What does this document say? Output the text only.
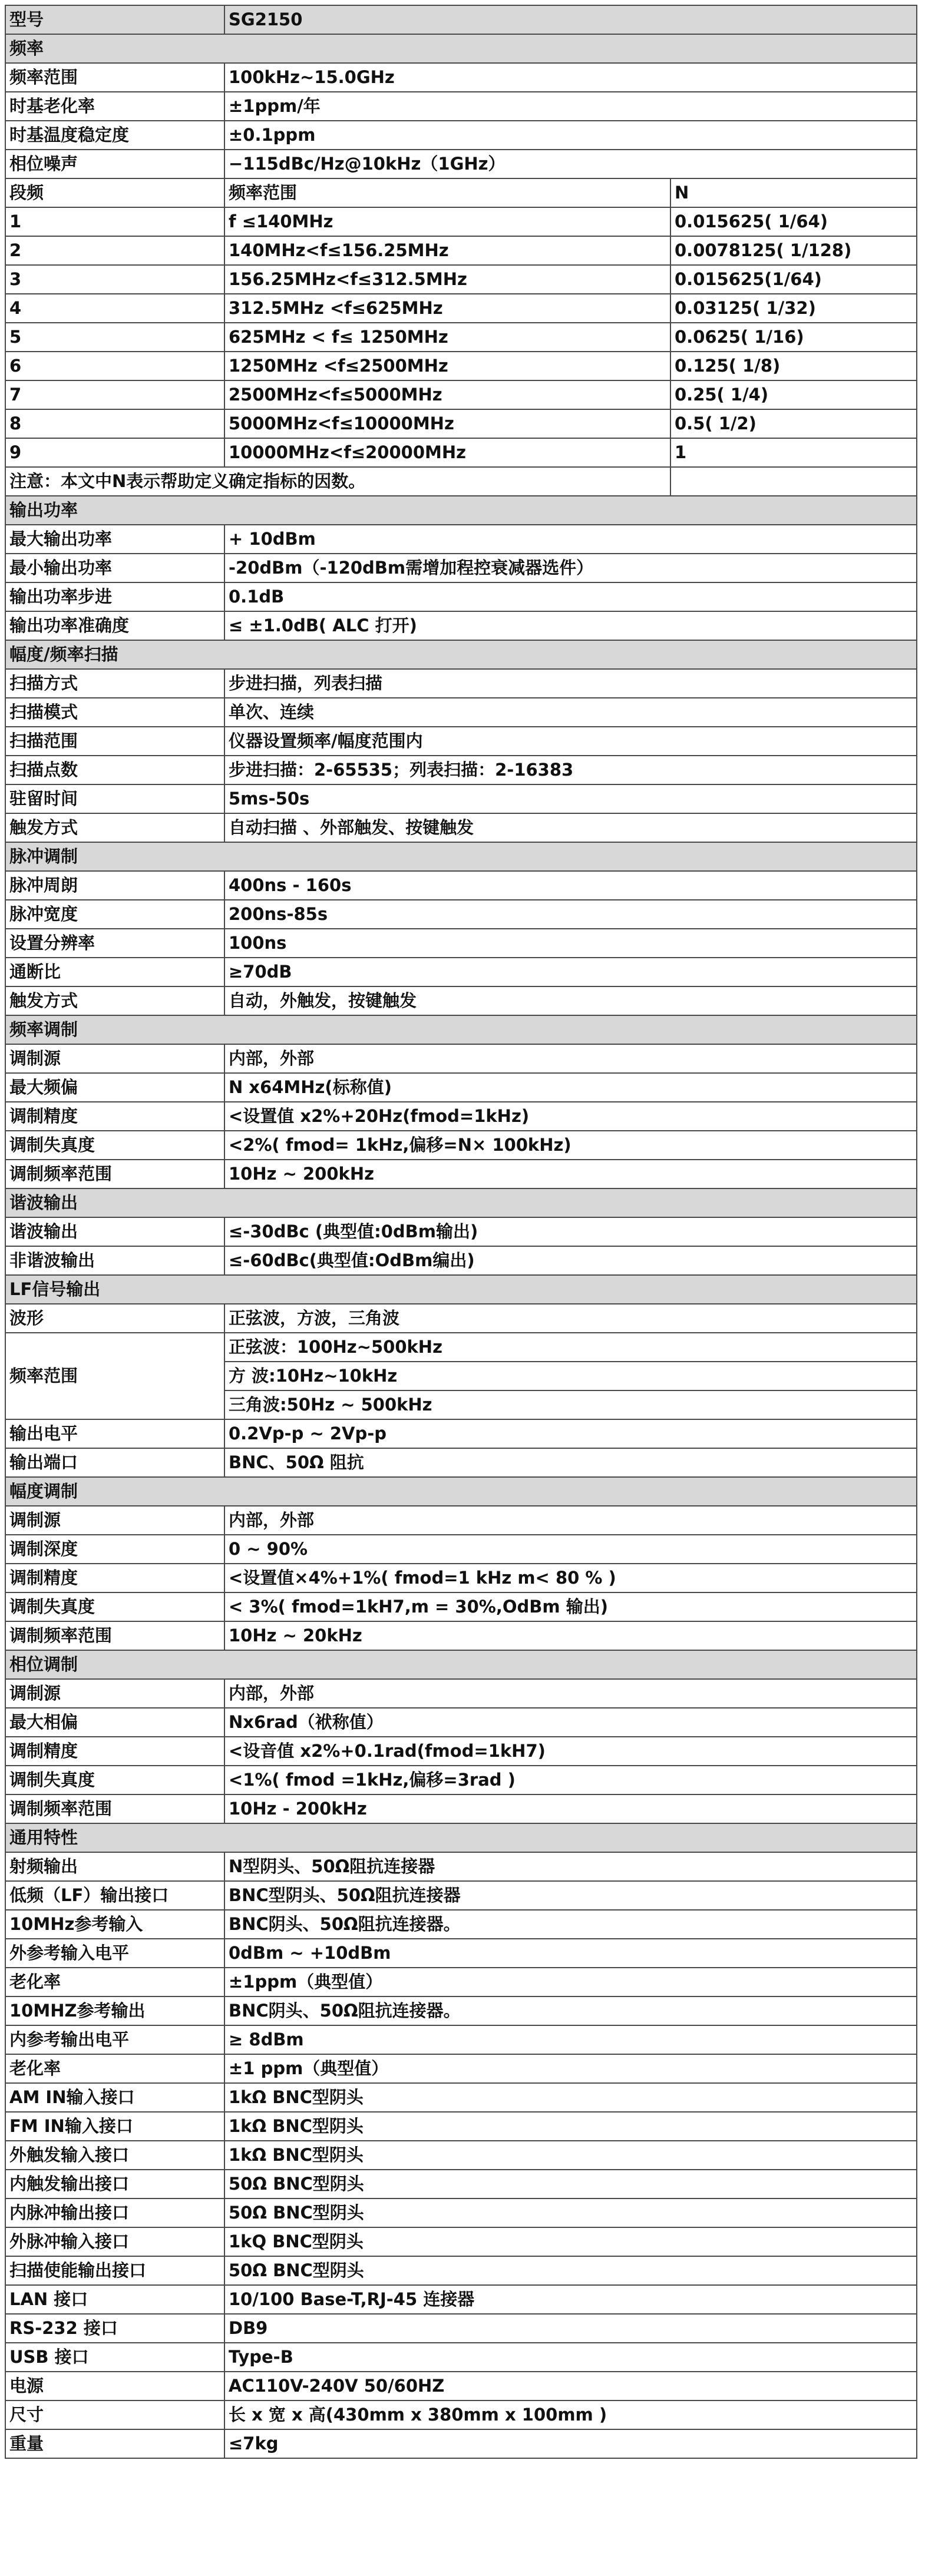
型号	SG2150	
频率		
频率范围	100kHz~15.0GHz	
时基老化率	±1ppm/年	
时基温度稳定度	±0.1ppm	
相位噪声	−115dBc/Hz@10kHz（1GHz）	
段频	频率范围	N
1	f ≤140MHz	0.015625( 1/64)
2	140MHz<f≤156.25MHz	0.0078125( 1/128)
3	156.25MHz<f≤312.5MHz	0.015625(1/64)
4	312.5MHz <f≤625MHz	0.03125( 1/32)
5	625MHz < f≤ 1250MHz	0.0625( 1/16)
6	1250MHz <f≤2500MHz	0.125( 1/8)
7	2500MHz<f≤5000MHz	0.25( 1/4)
8	5000MHz<f≤10000MHz	0.5( 1/2)
9	10000MHz<f≤20000MHz	1
注意：本文中N表示帮助定义确定指标的因数。		
输出功率		
最大输出功率	+ 10dBm	
最小输出功率	-20dBm（-120dBm需增加程控衰减器选件）	
输出功率步进	0.1dB	
输出功率准确度	≤ ±1.0dB( ALC 打开)	
幅度/频率扫描		
扫描方式	步进扫描，列表扫描	
扫描模式	单次、连续	
扫描范围	仪器设置频率/幅度范围内	
扫描点数	步进扫描：2-65535；列表扫描：2-16383	
驻留时间	5ms-50s	
触发方式	自动扫描 、外部触发、按键触发	
脉冲调制		
脉冲周朗	400ns - 160s	
脉冲宽度	200ns-85s	
设置分辨率	100ns	
通断比	≥70dB	
触发方式	自动，外触发，按键触发	
频率调制		
调制源	内部，外部	
最大频偏	N x64MHz(标称值)	
调制精度	<设置值 x2%+20Hz(fmod=1kHz)	
调制失真度	<2%( fmod= 1kHz,偏移=N× 100kHz)	
调制频率范围	10Hz ~ 200kHz	
谐波输出		
谐波输出	≤-30dBc (典型值:0dBm输出)	
非谐波输出	≤-60dBc(典型值:OdBm编出)	
LF信号输出		
波形	正弦波，方波，三角波	
频率范围	正弦波：100Hz~500kHz	
	方 波:10Hz~10kHz	
	三角波:50Hz ~ 500kHz	
输出电平	0.2Vp-p ~ 2Vp-p	
输出端口	BNC、50Ω 阻抗	
幅度调制		
调制源	内部，外部	
调制深度	0 ~ 90%	
调制精度	<设置值×4%+1%( fmod=1 kHz m< 80 % )	
调制失真度	< 3%( fmod=1kH7,m = 30%,OdBm 输出)	
调制频率范围	10Hz ~ 20kHz	
相位调制		
调制源	内部，外部	
最大相偏	Nx6rad（袱称值）	
调制精度	<设音值 x2%+0.1rad(fmod=1kH7)	
调制失真度	<1%( fmod =1kHz,偏移=3rad )	
调制频率范围	10Hz - 200kHz	
通用特性		
射频输出	N型阴头、50Ω阻抗连接器	
低频（LF）输出接口	BNC型阴头、50Ω阻抗连接器	
10MHz参考输入	BNC阴头、50Ω阻抗连接器。	
外参考输入电平	0dBm ~ +10dBm	
老化率	±1ppm（典型值）	
10MHZ参考输出	BNC阴头、50Ω阻抗连接器。	
内参考输出电平	≥ 8dBm	
老化率	±1 ppm（典型值）	
AM IN输入接口	1kΩ BNC型阴头	
FM IN输入接口	1kΩ BNC型阴头	
外触发输入接口	1kΩ BNC型阴头	
内触发输出接口	50Ω BNC型阴头	
内脉冲输出接口	50Ω BNC型阴头	
外脉冲输入接口	1kQ BNC型阴头	
扫描使能输出接口	50Ω BNC型阴头	
LAN 接口	10/100 Base-T,RJ-45 连接器	
RS-232 接口	DB9	
USB 接口	Type-B	
电源	AC110V-240V 50/60HZ	
尺寸	长 x 宽 x 高(430mm x 380mm x 100mm )	
重量	≤7kg	
